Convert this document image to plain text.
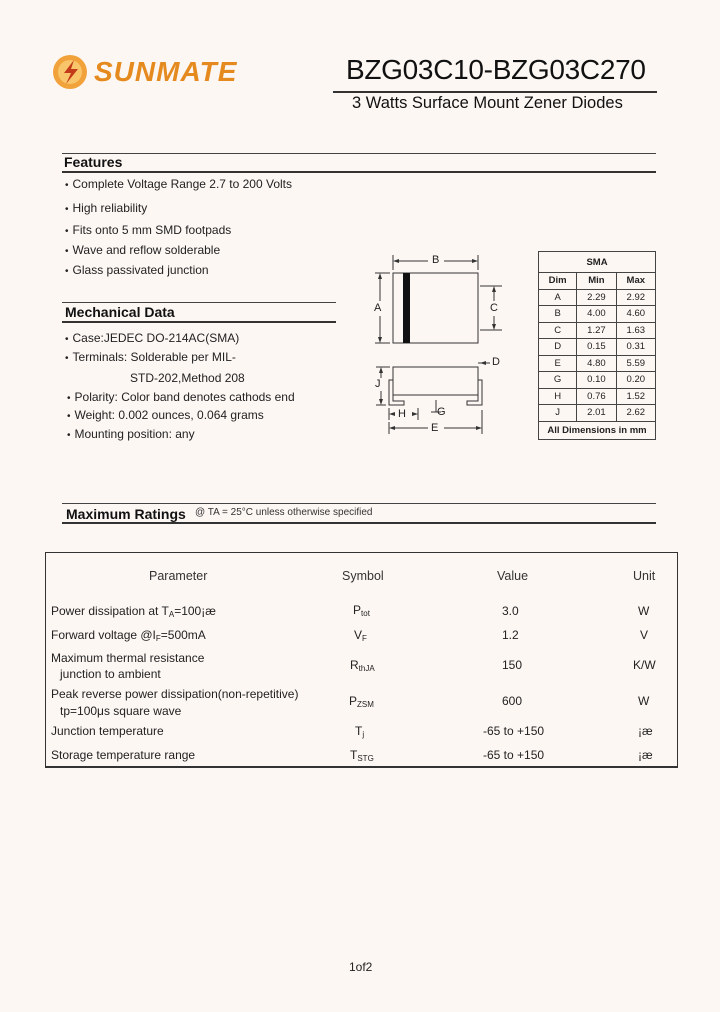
SUNMATE	BZG03C10-BZG03C270
3 Watts Surface Mount Zener Diodes
Features
• Complete Voltage Range 2.7 to 200 Volts
• High reliability
• Fits onto 5 mm SMD footpads
• Wave and reflow solderable
• Glass passivated junction
Mechanical Data
• Case:JEDEC DO-214AC(SMA)
• Terminals: Solderable per MIL-
STD-202,Method 208
• Polarity: Color band denotes cathods end
• Weight: 0.002 ounces, 0.064 grams
• Mounting position: any
B
A	C
D
J
H	G
E
SMA		
Dim	Min	Max
A	2.29	2.92
B	4.00	4.60
C	1.27	1.63
D	0.15	0.31
E	4.80	5.59
G	0.10	0.20
H	0.76	1.52
J	2.01	2.62
All Dimensions in mm		
Maximum Ratings @ TA = 25°C unless otherwise specified
Parameter	Symbol	Value	Unit
Power dissipation at $T_A=100¡æ$	$P_{tot}$	3.0	W
Forward voltage $@I_F=500mA$	$V_F$	1.2	V
Maximum thermal resistance
junction to ambient
$R_{thJA}$	150	K/W
Peak reverse power dissipation(non-repetitive)
tp=100μs square wave
$P_{ZSM}$	600	W
Junction temperature	$T_j$	-65 to +150	¡æ
Storage temperature range	$T_{STG}$	-65 to +150	¡æ
1of2
